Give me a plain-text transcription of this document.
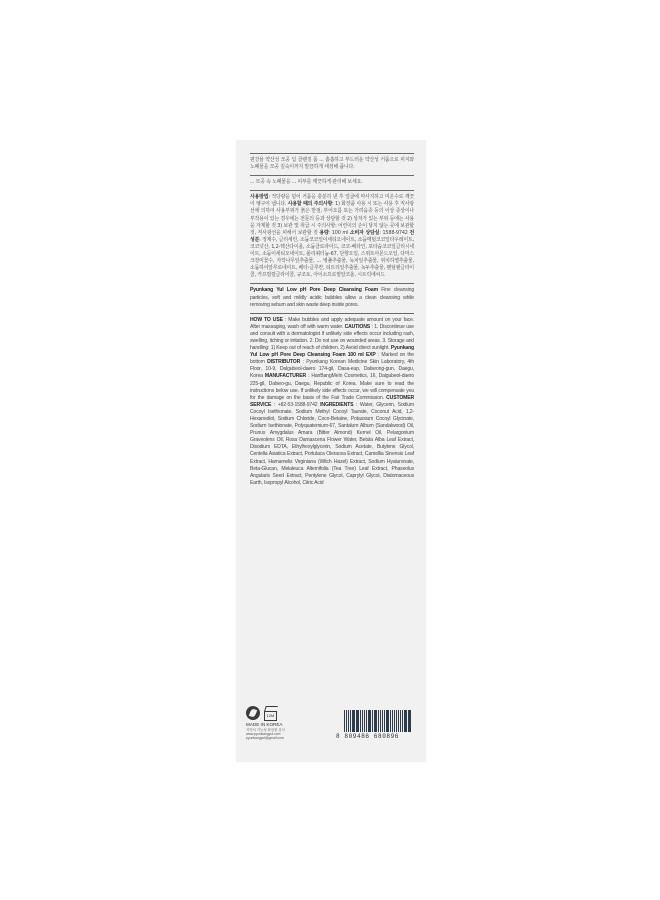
편강율 약산성 모공 딥 클렌징 폼 ... 촘촘하고 부드러운 약산성 거품으로 피지와 노폐물을 모공 깊숙이까지 말끔하게 세정해 줍니다.
... 모공 속 노폐물을 ... 피부를 깨끗하게 관리해 보세요.
사용방법: 적당량을 덜어 거품을 충분히 낸 후 얼굴에 마사지하고 미온수로 깨끗이 헹구어 냅니다. 사용할 때의 주의사항: 1) 화장품 사용 시 또는 사용 후 직사광선에 의하여 사용부위가 붉은 반점, 부어오름 또는 가려움증 등의 이상 증상이나 부작용이 있는 경우에는 전문의 등과 상담할 것 2) 상처가 있는 부위 등에는 사용을 자제할 것 3) 보관 및 취급 시 주의사항: 어린이의 손이 닿지 않는 곳에 보관할 것, 직사광선을 피해서 보관할 것 용량: 100 ml 소비자 상담실: 1588-9742 전성분: 정제수, 글리세린, 소듐코코일이세티오네이트, 소듐메틸코코일타우레이트, 코코넛산, 1,2-헥산다이올, 소듐클로라이드, 코코-베타인, 포타슘코코일글리시네이트, 소듐이세티오네이트, 폴리쿼터늄-67, 단향오일, 스위트아몬드오일, 다마스크장미꽃수, 자작나무잎추출물, ... 병풀추출물, 녹차잎추출물, 위치하젤추출물, 소듐하이알루로네이트, 베타-글루칸, 티트리잎추출물, 녹두추출물, 펜틸렌글라이콜, 카프릴릴글라이콜, 규조토, 아이소프로필알코올, 시트릭애씨드
Pyunkang Yul Low pH Pore Deep Cleansing Foam Fine cleansing particles, soft and mildly acidic bubbles allow a clean cleansing while removing sebum and skin waste deep inside pores.
HOW TO USE : Make bubbles and apply adequate amount on your face. After massaging, wash off with warm water. CAUTIONS : 1. Discontinue use and consult with a dermatologist if unlikely side effects occur including rash, swelling, itching or irritation. 2. Do not use on wounded areas. 3. Storage and handling: 1) Keep out of reach of children. 2) Avoid direct sunlight. Pyunkang Yul Low pH Pore Deep Cleansing Foam 100 ml EXP : Marked on the bottom DISTRIBUTOR : Pyunkang Korean Medicine Skin Laboratory, 4th Floor, 10-9, Dalgubeol-daero 174-gil, Dasa-eup, Dalseong-gun, Daegu, Korea MANUFACTURER : HanBangMeIn Cosmetics, 16, Dalgubeol-daero 225-gil, Dalseo-gu, Daegu, Republic of Korea. Make sure to read the instructions below use. If unlikely side effects occur, we will compensate you for the damage on the basis of the Fair Trade Commission. CUSTOMER SERVICE : +82-53-1588-9742 INGREDIENTS : Water, Glycerin, Sodium Cocoyl Isethionate, Sodium Methyl Cocoyl Taurate, Coconut Acid, 1,2-Hexanediol, Sodium Chloride, Coco-Betaine, Potassium Cocoyl Glycinate, Sodium Isethionate, Polyquaternium-67, Santalum Album (Sandalwood) Oil, Prunus Amygdalus Amara (Bitter Almond) Kernel Oil, Pelargonium Graveolens Oil, Rosa Damascena Flower Water, Betula Alba Leaf Extract, Disodium EDTA, Ethylhexylglycerin, Sodium Acetate, Butylene Glycol, Centella Asiatica Extract, Portulaca Oleracea Extract, Camellia Sinensis Leaf Extract, Hamamelis Virginiana (Witch Hazel) Extract, Sodium Hyaluronate, Beta-Glucan, Melaleuca Alternifolia (Tea Tree) Leaf Extract, Phaseolus Angularis Seed Extract, Pentylene Glycol, Caprylyl Glycol, Diatomaceous Earth, Isopropyl Alcohol, Citric Acid
12M
MADE IN KOREA
식약처 기능성 화장품 심사
www.pyunkangyul.com
pyunkangyul@gmail.com	8 809486 680896
